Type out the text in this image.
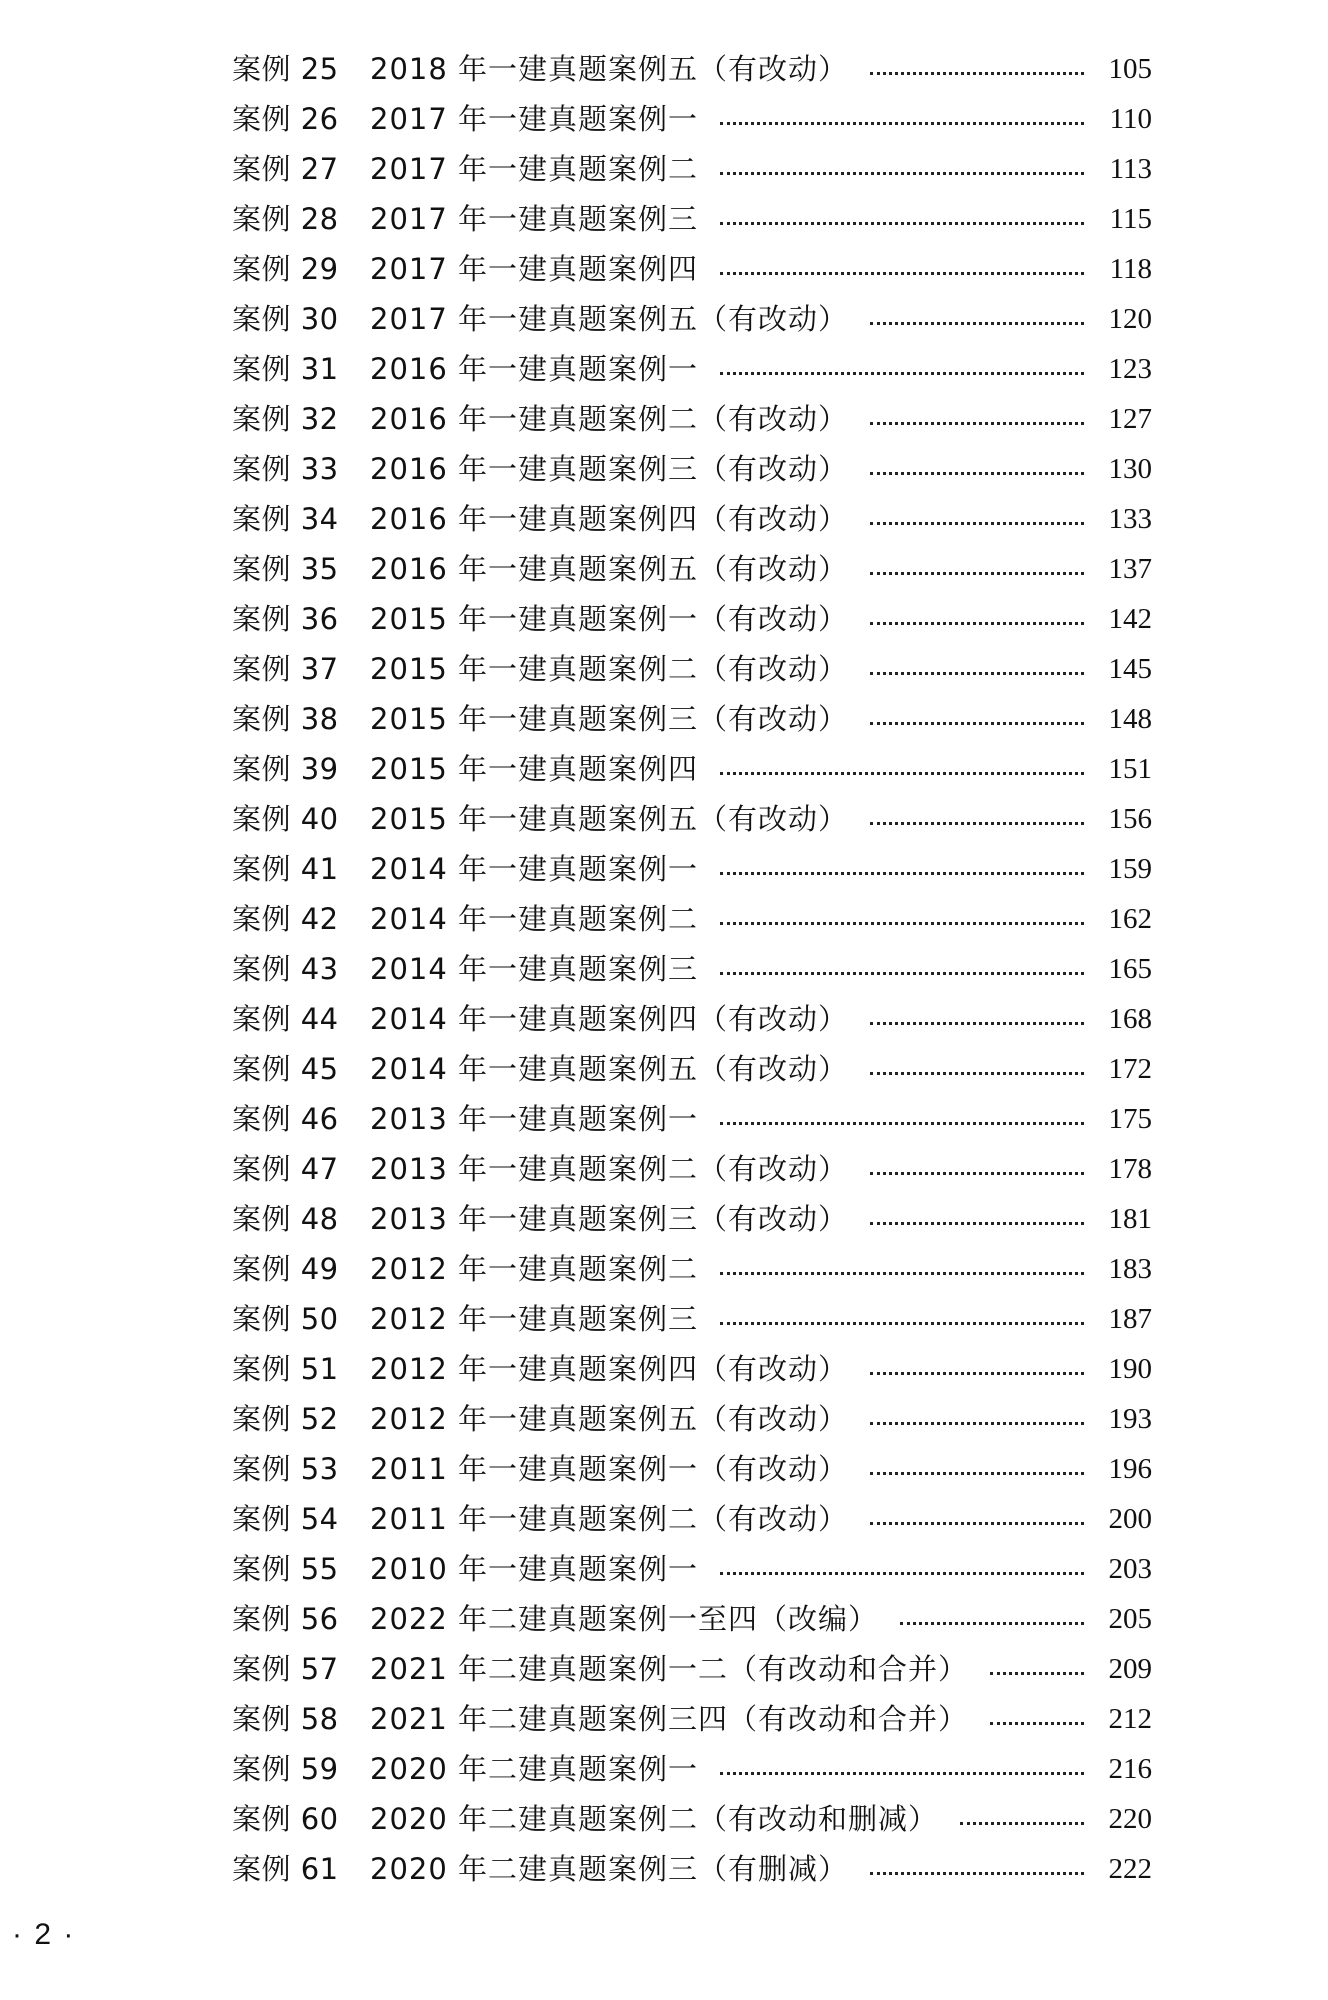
案例 25	2018 年一建真题案例五（有改动）	105
案例 26	2017 年一建真题案例一	110
案例 27	2017 年一建真题案例二	113
案例 28	2017 年一建真题案例三	115
案例 29	2017 年一建真题案例四	118
案例 30	2017 年一建真题案例五（有改动）	120
案例 31	2016 年一建真题案例一	123
案例 32	2016 年一建真题案例二（有改动）	127
案例 33	2016 年一建真题案例三（有改动）	130
案例 34	2016 年一建真题案例四（有改动）	133
案例 35	2016 年一建真题案例五（有改动）	137
案例 36	2015 年一建真题案例一（有改动）	142
案例 37	2015 年一建真题案例二（有改动）	145
案例 38	2015 年一建真题案例三（有改动）	148
案例 39	2015 年一建真题案例四	151
案例 40	2015 年一建真题案例五（有改动）	156
案例 41	2014 年一建真题案例一	159
案例 42	2014 年一建真题案例二	162
案例 43	2014 年一建真题案例三	165
案例 44	2014 年一建真题案例四（有改动）	168
案例 45	2014 年一建真题案例五（有改动）	172
案例 46	2013 年一建真题案例一	175
案例 47	2013 年一建真题案例二（有改动）	178
案例 48	2013 年一建真题案例三（有改动）	181
案例 49	2012 年一建真题案例二	183
案例 50	2012 年一建真题案例三	187
案例 51	2012 年一建真题案例四（有改动）	190
案例 52	2012 年一建真题案例五（有改动）	193
案例 53	2011 年一建真题案例一（有改动）	196
案例 54	2011 年一建真题案例二（有改动）	200
案例 55	2010 年一建真题案例一	203
案例 56	2022 年二建真题案例一至四（改编）	205
案例 57	2021 年二建真题案例一二（有改动和合并）	209
案例 58	2021 年二建真题案例三四（有改动和合并）	212
案例 59	2020 年二建真题案例一	216
案例 60	2020 年二建真题案例二（有改动和删减）	220
案例 61	2020 年二建真题案例三（有删减）	222
· 2 ·
